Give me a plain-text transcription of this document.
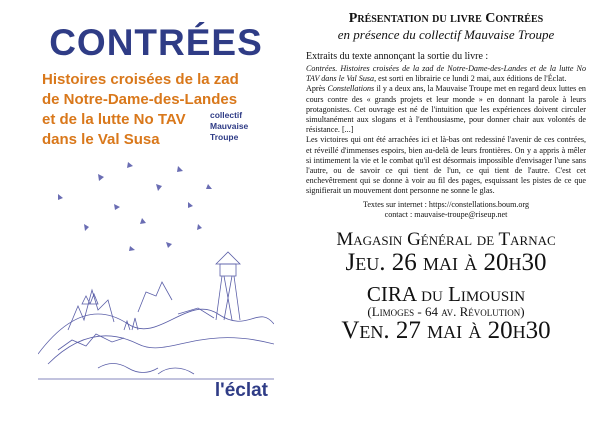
CONTRÉES
Histoires croisées de la zad
de Notre-Dame-des-Landes
et de la lutte No TAV
dans le Val Susa
collectif
Mauvaise
Troupe
l'éclat
Présentation du livre Contrées
en présence du collectif Mauvaise Troupe
Extraits du texte annonçant la sortie du livre :

Contrées. Histoires croisées de la zad de Notre-Dame-des-Landes et de la lutte No TAV dans le Val Susa, est sorti en librairie ce lundi 2 mai, aux éditions de l'Éclat.

Après Constellations il y a deux ans, la Mauvaise Troupe met en regard deux luttes en cours contre des « grands projets et leur monde » en donnant la parole à leurs protagonistes. Cet ouvrage est né de l'intuition que les expériences doivent circuler simultanément aux slogans et à l'enthousiasme, pour donner chair aux volontés de résistance. [...]

Les victoires qui ont été arrachées ici et là-bas ont redessiné l'avenir de ces contrées, et réveillé d'immenses espoirs, bien au-delà de leurs frontières. On y a appris à mêler si intimement la vie et le combat qu'il est désormais impossible d'envisager l'une sans l'autre, ou de savoir ce qui tient de l'un, ce qui tient de l'autre. C'est cet enchevêtrement qui se donne à voir au fil des pages, esquissant les pistes de ce que signifierait un mouvement dont personne ne sonne le glas.

Textes sur internet : https://constellations.boum.org
contact : mauvaise-troupe@riseup.net
Magasin Général de Tarnac
Jeu. 26 mai à 20h30
CIRA du Limousin
(Limoges - 64 av. Révolution)
Ven. 27 mai à 20h30
